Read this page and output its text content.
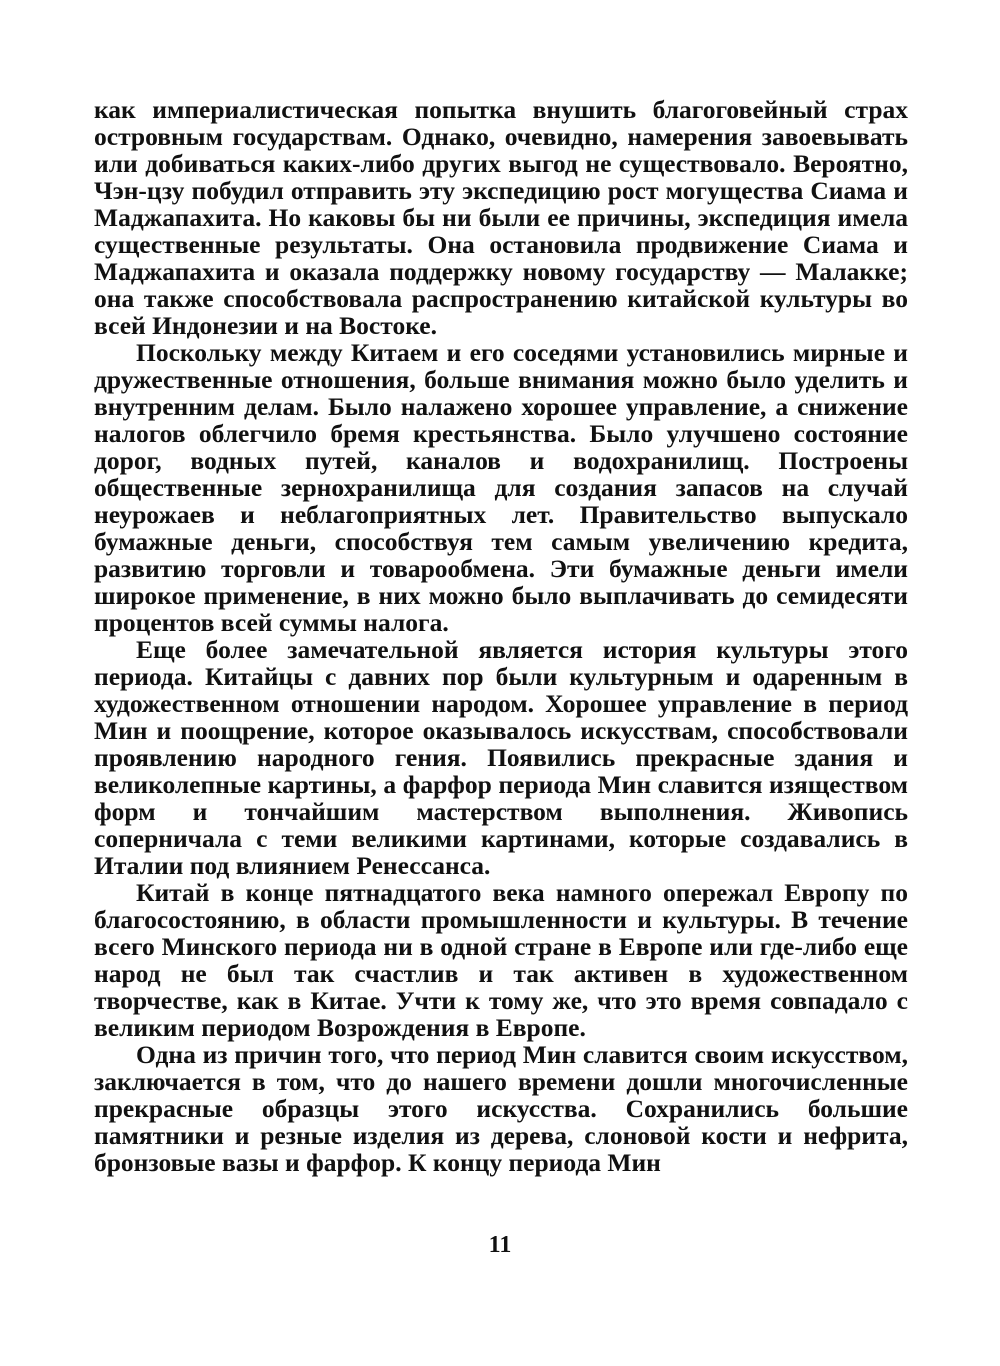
как империалистическая попытка внушить благоговейный страх островным государствам. Однако, очевидно, намерения завоевывать или добиваться каких-либо других выгод не существовало. Вероятно, Чэн-цзу побудил отправить эту экспедицию рост могущества Сиама и Маджапахита. Но каковы бы ни были ее причины, экспедиция имела существенные результаты. Она остановила продвижение Сиама и Маджапахита и оказала поддержку новому государству — Малакке; она также способствовала распространению китайской культуры во всей Индонезии и на Востоке.

Поскольку между Китаем и его соседями установились мирные и дружественные отношения, больше внимания можно было уделить и внутренним делам. Было налажено хорошее управление, а снижение налогов облегчило бремя крестьянства. Было улучшено состояние дорог, водных путей, каналов и водохранилищ. Построены общественные зернохранилища для создания запасов на случай неурожаев и неблагоприятных лет. Правительство выпускало бумажные деньги, способствуя тем самым увеличению кредита, развитию торговли и товарообмена. Эти бумажные деньги имели широкое применение, в них можно было выплачивать до семидесяти процентов всей суммы налога.

Еще более замечательной является история культуры этого периода. Китайцы с давних пор были культурным и одаренным в художественном отношении народом. Хорошее управление в период Мин и поощрение, которое оказывалось искусствам, способствовали проявлению народного гения. Появились прекрасные здания и великолепные картины, а фарфор периода Мин славится изяществом форм и тончайшим мастерством выполнения. Живопись соперничала с теми великими картинами, которые создавались в Италии под влиянием Ренессанса.

Китай в конце пятнадцатого века намного опережал Европу по благосостоянию, в области промышленности и культуры. В течение всего Минского периода ни в одной стране в Европе или где-либо еще народ не был так счастлив и так активен в художественном творчестве, как в Китае. Учти к тому же, что это время совпадало с великим периодом Возрождения в Европе.

Одна из причин того, что период Мин славится своим искусством, заключается в том, что до нашего времени дошли многочисленные прекрасные образцы этого искусства. Сохранились большие памятники и резные изделия из дерева, слоновой кости и нефрита, бронзовые вазы и фарфор. К концу периода Мин

11
